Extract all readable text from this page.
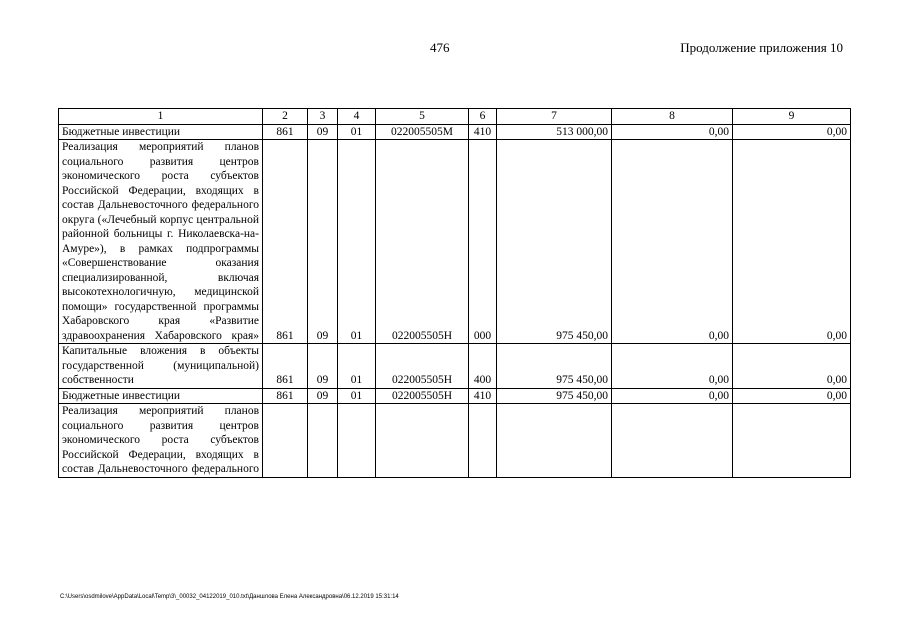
476	Продолжение приложения 10
1	2	3	4	5	6	7	8	9
Бюджетные инвестиции	861	09	01	022005505М	410	513 000,00	0,00	0,00
Реализация мероприятий планов социального развития центров экономического роста субъектов Российской Федерации, входящих в состав Дальневосточного федерального округа («Лечебный корпус центральной районной больницы г. Николаевска-на-Амуре»), в рамках подпрограммы «Совершенствование оказания специализированной, включая высокотехнологичную, медицинской помощи» государственной программы Хабаровского края «Развитие здравоохранения Хабаровского края»	861	09	01	022005505Н	000	975 450,00	0,00	0,00
Капитальные вложения в объекты государственной (муниципальной) собственности	861	09	01	022005505Н	400	975 450,00	0,00	0,00
Бюджетные инвестиции	861	09	01	022005505Н	410	975 450,00	0,00	0,00
Реализация мероприятий планов социального развития центров экономического роста субъектов Российской Федерации, входящих в состав Дальневосточного федерального								
C:\Users\osdmilove\AppData\Local\Temp\3\_00032_04122019_010.txt\Даншлова Елена Александровна\06.12.2019 15:31:14
